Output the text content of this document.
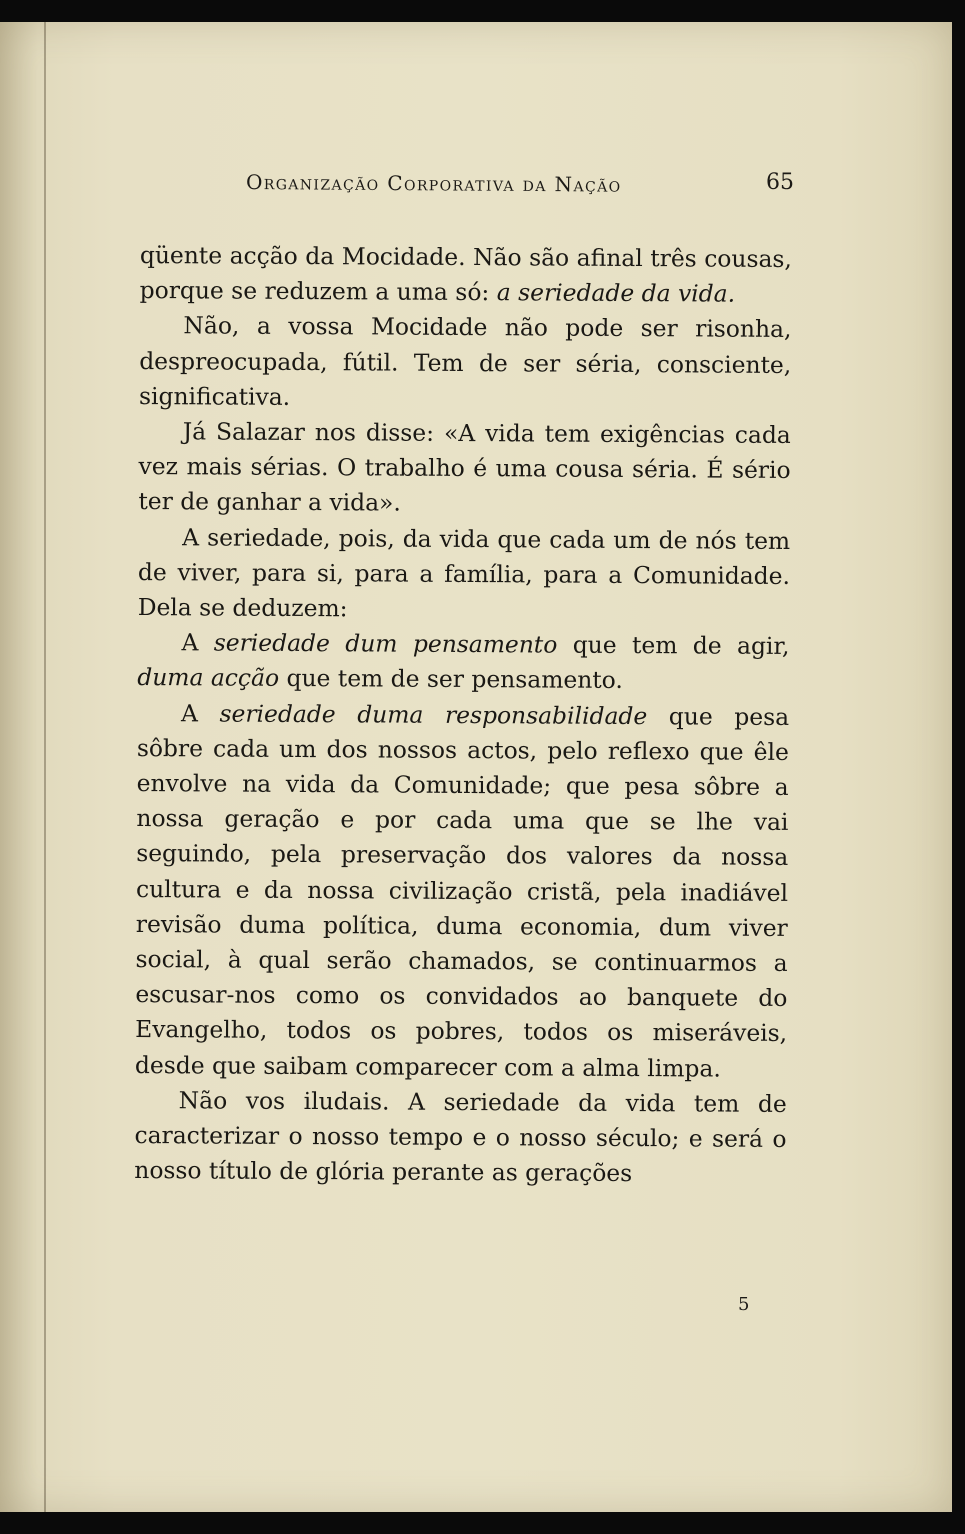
Organização Corporativa da Nação	65

qüente acção da Mocidade. Não são afinal três cousas, porque se reduzem a uma só: a seriedade da vida.

Não, a vossa Mocidade não pode ser risonha, despreocupada, fútil. Tem de ser séria, consciente, significativa.

Já Salazar nos disse: «A vida tem exigências cada vez mais sérias. O trabalho é uma cousa séria. É sério ter de ganhar a vida».

A seriedade, pois, da vida que cada um de nós tem de viver, para si, para a família, para a Comunidade. Dela se deduzem:

A seriedade dum pensamento que tem de agir, duma acção que tem de ser pensamento.

A seriedade duma responsabilidade que pesa sôbre cada um dos nossos actos, pelo reflexo que êle envolve na vida da Comunidade; que pesa sôbre a nossa geração e por cada uma que se lhe vai seguindo, pela preservação dos valores da nossa cultura e da nossa civilização cristã, pela inadiável revisão duma política, duma economia, dum viver social, à qual serão chamados, se continuarmos a escusar-nos como os convidados ao banquete do Evangelho, todos os pobres, todos os miseráveis, desde que saibam comparecer com a alma limpa.

Não vos iludais. A seriedade da vida tem de caracterizar o nosso tempo e o nosso século; e será o nosso título de glória perante as gerações

5
